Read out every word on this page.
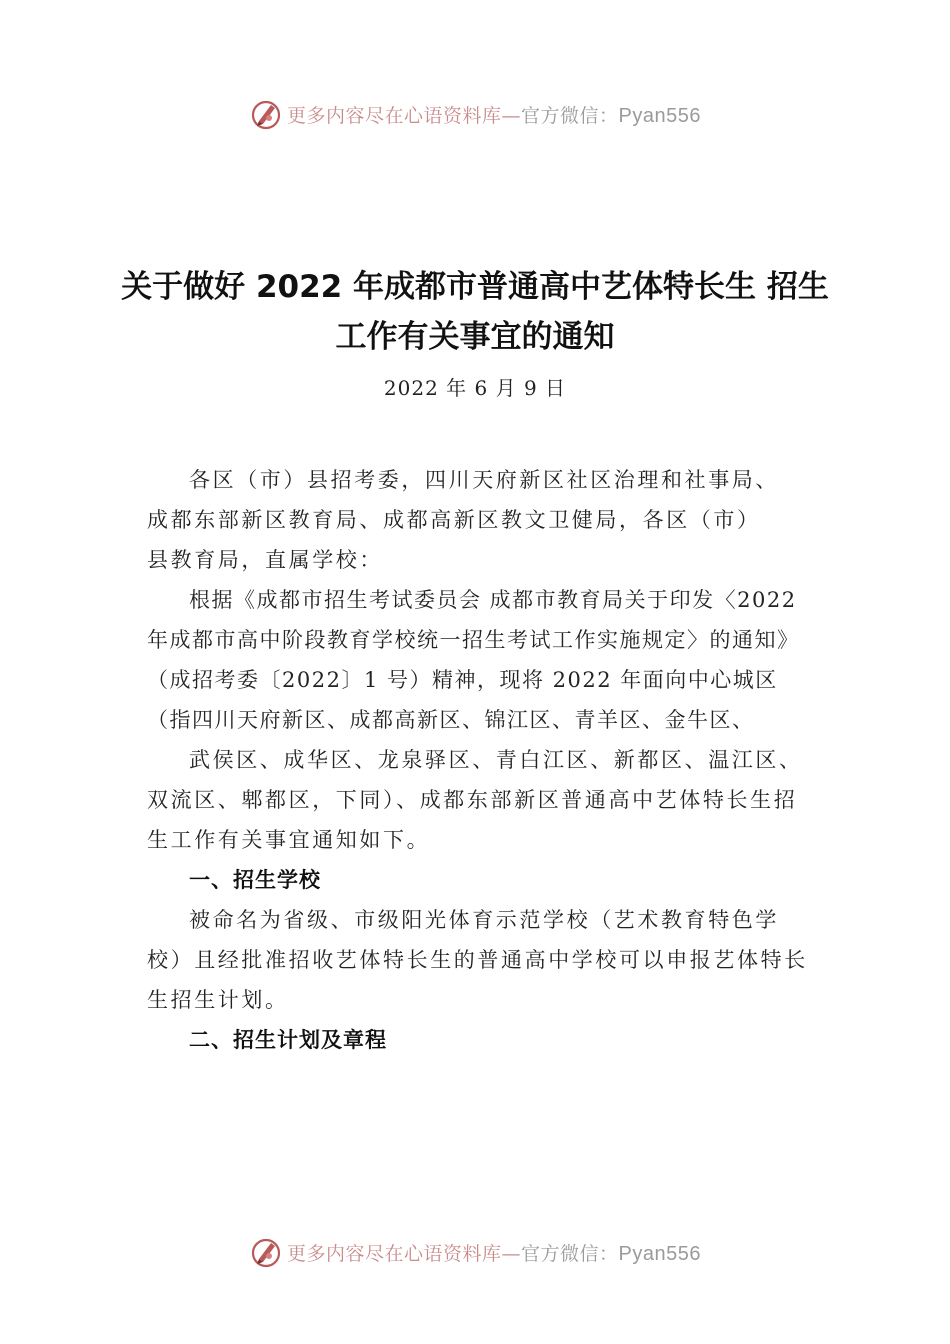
更多内容尽在心语资料库—官方微信：Pyan556
关于做好 2022 年成都市普通高中艺体特长生 招生工作有关事宜的通知
2022 年 6 月 9 日

各区（市）县招考委，四川天府新区社区治理和社事局、

成都东部新区教育局、成都高新区教文卫健局，各区（市）

县教育局，直属学校：

根据《成都市招生考试委员会 成都市教育局关于印发〈2022 年成都市高中阶段教育学校统一招生考试工作实施规定〉的通知》（成招考委〔2022〕1 号）精神，现将 2022 年面向中心城区（指四川天府新区、成都高新区、锦江区、青羊区、金牛区、

武侯区、成华区、龙泉驿区、青白江区、新都区、温江区、双流区、郫都区，下同）、成都东部新区普通高中艺体特长生招生工作有关事宜通知如下。

一、招生学校

被命名为省级、市级阳光体育示范学校（艺术教育特色学校）且经批准招收艺体特长生的普通高中学校可以申报艺体特长生招生计划。

二、招生计划及章程

更多内容尽在心语资料库—官方微信：Pyan556
